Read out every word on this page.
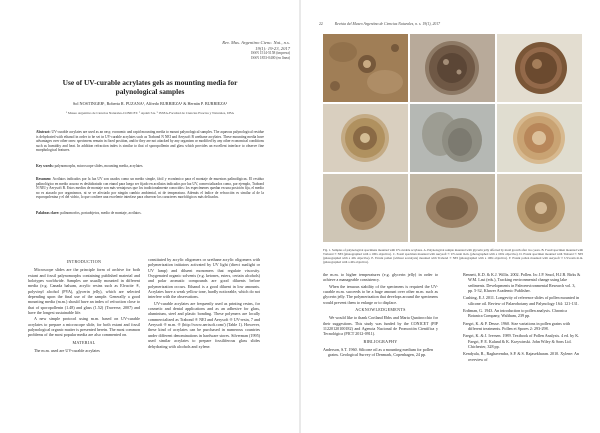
Rev. Mus. Argentino Cienc. Nat., n.s.
19(1): 19-23, 2017
ISSN 1514-5158 (impresa)
ISSN 1853-0400 (en línea)
Use of UV-curable acrylates gels as mounting media for
palynological samples
Sol NOSTINGER¹, Roberta R. PUZANA¹, Alfredo BURBIEZA² & Hernán P. BURBIEZA²
¹ Museo Argentino de Ciencias Naturales-CONICET. ² Apdeb SA. ³ ISSEA-Facultad de Ciencias Exactas y Naturales, UBA
Abstract: UV-curable acrylates are used as an easy, economic and rapid mounting media to mount palynological samples. The aqueous palynological residue is dehydrated with ethanol in order to be set in UV-curable acrylates such as Trabond N NEI and Aerysoft B urethane acrylates. These mounting media have advantages over other ones: specimens remain in fixed position, and/or they are not attacked by any organism or modified by any other economical conditions such as humidity and heat. In addition refraction index is similar to that of sporopollenin and glass which provides an excellent interface to observe fine morphological features.
Key words: palynomorphs, microscope slides, mounting media, acrylates.
Resumen: Acrilatos indicados por la luz UV son usados como un medio simple, fácil y económico para el montaje de muestras palinológicas. El residuo palinológico en medio acuoso es deshidratado con etanol para luego ser fijado en acrilatos indicados por luz UV, comercializados como, por ejemplo, Trabond N NEI y Aerysoft B. Estos medios de montaje son más ventajosos que los tradicionalmente conocidos: los especímenes quedan en una posición fija, el medio no es atacado por organismos, ni se ve afectado por ningún cambio ambiental, ni de temperatura. Además el índice de refracción es similar al de la esporopolenina y el del vidrio, lo que confiere una excelente interfase para observar los caracteres morfológicos más delicados.
Palabras clave: palinomorfos, portaobjetos, medio de montaje, acrilatos.
INTRODUCTION

Microscope slides are the principle form of archive for both extant and fossil palynomorphs containing published material and holotypes worldwide. Samples are usually mounted in different media (e.g. Canada balsam, acrylic resins such as Elvacite ®, polyvinyl alcohol (PVA), glycerin jelly), which are selected depending upon the final use of the sample. Generally a good mounting media (m.m.) should have an index of refraction close to that of sporopollenin (1.48) and glass (1.52) (Traverse, 2007) and have the longest sustainable life.

A new simple protocol using m.m. based on UV-curable acrylates to prepare a microscope slide, for both extant and fossil palynological organic matter is presented herein. The most common problems of the most popular media are also commented on.

MATERIAL

The m.m. used are UV-curable acrylates

constituted by acrylic oligomers or urethane acrylic oligomers with polymerization initiators activated by UV light (direct sunlight or UV lamp) and diluent monomers that regulate viscosity. Oxygenated organic solvents (e.g. ketones, esters, certain alcohols) and polar aromatic compounds are good diluents before polymerization occurs. Ethanol is a good diluent in low amounts. Acrylates have a weak yellow tone, hardly noticeable, which do not interfere with the observations.

UV-curable acrylates are frequently used as printing resins, for cosmetic and dental applications and as an adhesive for glass, aluminium, steel and plastic bonding. These polymers are locally commercialized as Trabond ® NEI and Aerysoft ® UV-resin, 7 and Aerysoft ® m.m. ® (http://www.aerisoft.com/) (Table 1). However, these kind of acrylates can be purchased in numerous countries under different denominations in hardware stores. Silverman (1995) used similar acrylates to prepare fossiliferous glass slides dehydrating with alcohols and xylene.

22	Revista del Museo Argentino de Ciencias Naturales, n. s. 19(1), 2017
Fig. 1. Samples of palynological specimens mounted with UV-curable acrylates. A. Palynological sample mounted with glycerin jelly affected by mold growth after two years. B. Fossil specimen mounted with Trabond ® NEI (photographed with a 100x objective). C. Fossil specimen mounted with Aerysoft ® UV-resin m.m. (photographed with a 100x objective). D. Extant specimen mounted with Trabond ® NEI (photographed with a 40x objective). E. Extant pollen (without acetolysis) mounted with Trabond ® NEI (photographed with a 100x objective). F. Extant pollen mounted with Aerysoft ® UV-resin m.m. (photographed with a 40x objective).

the m.m. to higher temperatures (e.g. glycerin jelly) in order to achieve a manageable consistency.

When the tenuous stability of the specimens is required the UV-curable m.m. succeeds to be a huge amount over other m.m. such as glycerin jelly. The polymerization that develops around the specimens would prevent them to enlarge or to displace.

ACKNOWLEDGEMENTS

We would like to thank Cortland Ebbs and Marta Quattrocchio for their suggestions. This study was funded by the CONICET (PIP 11220120100182) and Agencia Nacional de Promoción Científica y Tecnológica (PICT 2012-0911).

BIBLIOGRAPHY
Anderson, S.T. 1960. Silicone oil as a mounting medium for pollen grains. Geological Survey of Denmark, Copenhagen, 24 pp.
Bennett, K.D. & K.J. Willis. 2002. Pollen. In: J.P. Smol, H.J.B. Birks & W.M. Last (eds.), Tracking environmental change using lake sediments. Developments in Paleoenvironmental Research vol. 3, pp. 5-32, Kluwer Academic Publisher.
Cushing, E.J. 2011. Longevity of reference slides of pollen mounted in silicone oil. Review of Palaeobotany and Palynology 164: 121-131.
Erdtman, G. 1943. An introduction to pollen analysis. Chronica Botanica Company, Waltham, 239 pp.
Faegri, K. & P. Deuse. 1960. Size variations in pollen grains with different treatments. Pollen et Spores 2: 293-298.
Faegri, K. & J. Iversen. 1989. Textbook of Pollen Analysis. 4 ed. by K. Faegri, P. E. Kaland & K. Krzywinski. John Wiley & Sons Ltd. Chichester, 328 pp.
Kendyala, R., Raghavendra, S.P. & S. Rajasekharan. 2010. Xylene: An overview of
